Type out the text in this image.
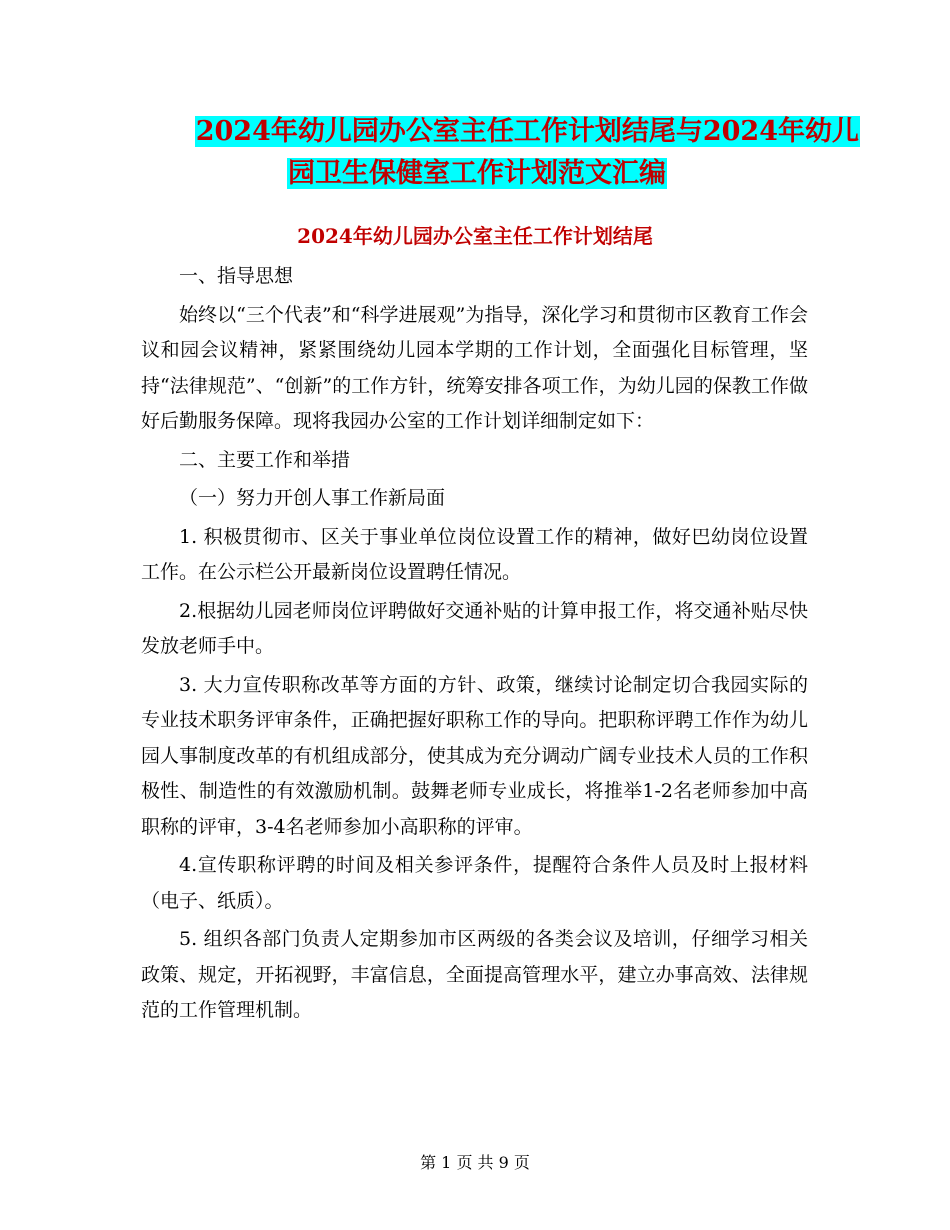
2024年幼儿园办公室主任工作计划结尾与2024年幼儿
园卫生保健室工作计划范文汇编
2024年幼儿园办公室主任工作计划结尾

一、指导思想

始终以“三个代表”和“科学进展观”为指导，深化学习和贯彻市区教育工作会议和园会议精神，紧紧围绕幼儿园本学期的工作计划，全面强化目标管理，坚持“法律规范”、“创新”的工作方针，统筹安排各项工作，为幼儿园的保教工作做好后勤服务保障。现将我园办公室的工作计划详细制定如下：

二、主要工作和举措

（一）努力开创人事工作新局面

1. 积极贯彻市、区关于事业单位岗位设置工作的精神，做好巴幼岗位设置工作。在公示栏公开最新岗位设置聘任情况。

2.根据幼儿园老师岗位评聘做好交通补贴的计算申报工作，将交通补贴尽快发放老师手中。

3. 大力宣传职称改革等方面的方针、政策，继续讨论制定切合我园实际的专业技术职务评审条件，正确把握好职称工作的导向。把职称评聘工作作为幼儿园人事制度改革的有机组成部分，使其成为充分调动广阔专业技术人员的工作积极性、制造性的有效激励机制。鼓舞老师专业成长，将推举1-2名老师参加中高职称的评审，3-4名老师参加小高职称的评审。

4.宣传职称评聘的时间及相关参评条件，提醒符合条件人员及时上报材料（电子、纸质）。

5. 组织各部门负责人定期参加市区两级的各类会议及培训，仔细学习相关政策、规定，开拓视野，丰富信息，全面提高管理水平，建立办事高效、法律规范的工作管理机制。

第 1 页 共 9 页
